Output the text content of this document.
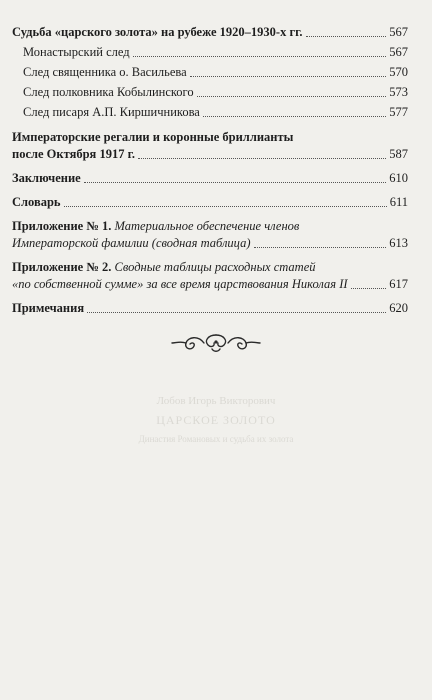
Судьба «царского золота» на рубеже 1920–1930-х гг.	567
Монастырский след	567
След священника о. Васильева	570
След полковника Кобылинского	573
След писаря А.П. Киршичникова	577
Императорские регалии и коронные бриллианты
после Октября 1917 г.	587
Заключение	610
Словарь	611
Приложение № 1. Материальное обеспечение членов
Императорской фамилии (сводная таблица)	613
Приложение № 2. Сводные таблицы расходных статей
«по собственной сумме» за все время царствования Николая II	617
Примечания	620
Лобов Игорь Викторович
ЦАРСКОЕ ЗОЛОТО
Династия Романовых и судьба их золота
